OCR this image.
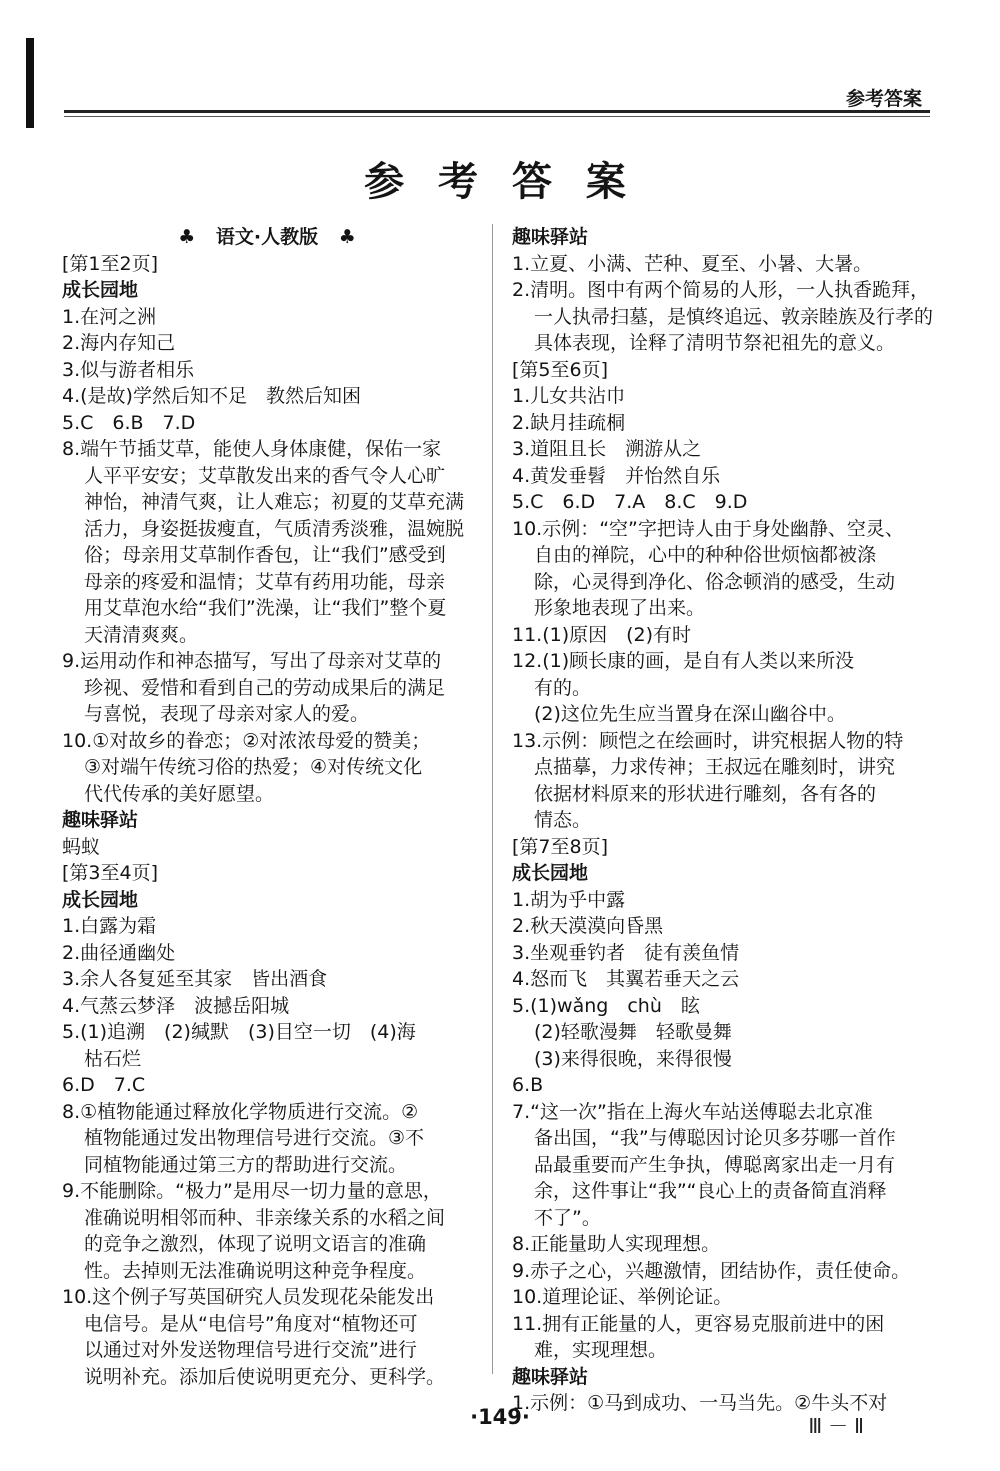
参考答案
参 考 答 案
♣ 语文·人教版 ♣
[第1至2页]
成长园地
1.在河之洲
2.海内存知己
3.似与游者相乐
4.(是故)学然后知不足　教然后知困
5.C　6.B　7.D
8.端午节插艾草，能使人身体康健，保佑一家
人平平安安；艾草散发出来的香气令人心旷
神怡，神清气爽，让人难忘；初夏的艾草充满
活力，身姿挺拔瘦直，气质清秀淡雅，温婉脱
俗；母亲用艾草制作香包，让“我们”感受到
母亲的疼爱和温情；艾草有药用功能，母亲
用艾草泡水给“我们”洗澡，让“我们”整个夏
天清清爽爽。
9.运用动作和神态描写，写出了母亲对艾草的
珍视、爱惜和看到自己的劳动成果后的满足
与喜悦，表现了母亲对家人的爱。
10.①对故乡的眷恋；②对浓浓母爱的赞美；
③对端午传统习俗的热爱；④对传统文化
代代传承的美好愿望。
趣味驿站
蚂蚁
[第3至4页]
成长园地
1.白露为霜
2.曲径通幽处
3.余人各复延至其家　皆出酒食
4.气蒸云梦泽　波撼岳阳城
5.(1)追溯　(2)缄默　(3)目空一切　(4)海
枯石烂
6.D　7.C
8.①植物能通过释放化学物质进行交流。②
植物能通过发出物理信号进行交流。③不
同植物能通过第三方的帮助进行交流。
9.不能删除。“极力”是用尽一切力量的意思，
准确说明相邻而种、非亲缘关系的水稻之间
的竞争之激烈，体现了说明文语言的准确
性。去掉则无法准确说明这种竞争程度。
10.这个例子写英国研究人员发现花朵能发出
电信号。是从“电信号”角度对“植物还可
以通过对外发送物理信号进行交流”进行
说明补充。添加后使说明更充分、更科学。
趣味驿站
1.立夏、小满、芒种、夏至、小暑、大暑。
2.清明。图中有两个简易的人形，一人执香跪拜，
一人执帚扫墓，是慎终追远、敦亲睦族及行孝的
具体表现，诠释了清明节祭祀祖先的意义。
[第5至6页]
1.儿女共沾巾
2.缺月挂疏桐
3.道阻且长　溯游从之
4.黄发垂髫　并怡然自乐
5.C　6.D　7.A　8.C　9.D
10.示例：“空”字把诗人由于身处幽静、空灵、
自由的禅院，心中的种种俗世烦恼都被涤
除，心灵得到净化、俗念顿消的感受，生动
形象地表现了出来。
11.(1)原因　(2)有时
12.(1)顾长康的画，是自有人类以来所没
有的。
(2)这位先生应当置身在深山幽谷中。
13.示例：顾恺之在绘画时，讲究根据人物的特
点描摹，力求传神；王叔远在雕刻时，讲究
依据材料原来的形状进行雕刻，各有各的
情态。
[第7至8页]
成长园地
1.胡为乎中露
2.秋天漠漠向昏黑
3.坐观垂钓者　徒有羡鱼情
4.怒而飞　其翼若垂天之云
5.(1)wǎng　chù　眩
(2)轻歌漫舞　轻歌曼舞
(3)来得很晚，来得很慢
6.B
7.“这一次”指在上海火车站送傅聪去北京准
备出国，“我”与傅聪因讨论贝多芬哪一首作
品最重要而产生争执，傅聪离家出走一月有
余，这件事让“我”“良心上的责备简直消释
不了”。
8.正能量助人实现理想。
9.赤子之心，兴趣激情，团结协作，责任使命。
10.道理论证、举例论证。
11.拥有正能量的人，更容易克服前进中的困
难，实现理想。
趣味驿站
1.示例：①马到成功、一马当先。②牛头不对
·149·	Ⅲ－Ⅱ
